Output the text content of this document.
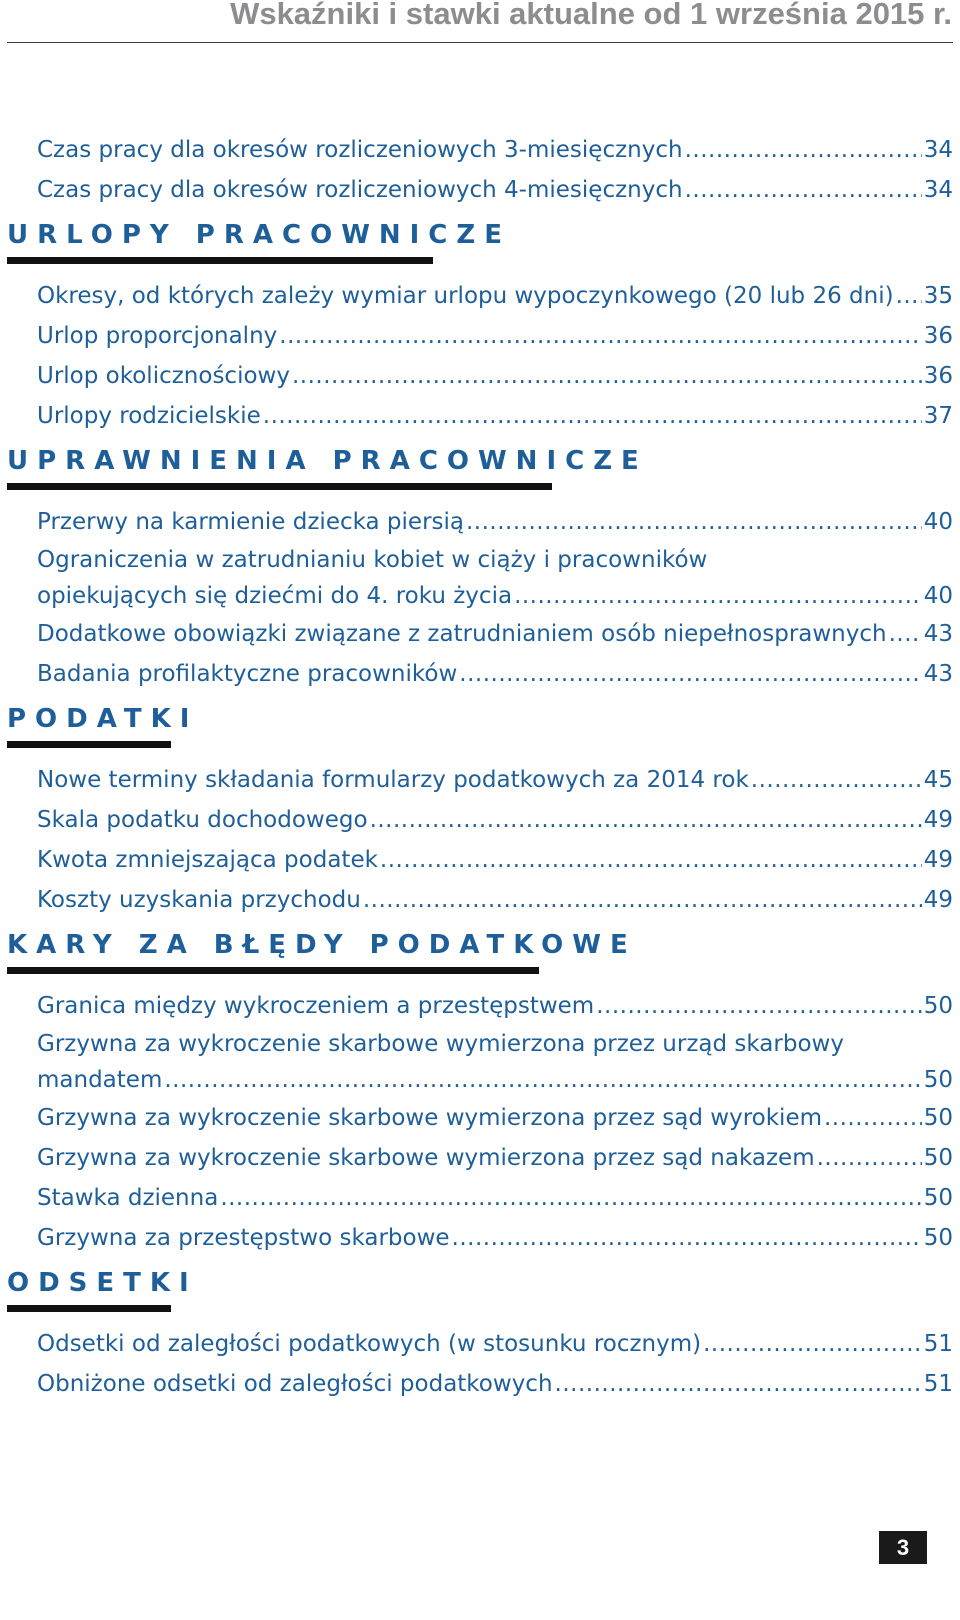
Wskaźniki i stawki aktualne od 1 września 2015 r.
Czas pracy dla okresów rozliczeniowych 3-miesięcznych .....	34
Czas pracy dla okresów rozliczeniowych 4-miesięcznych .....	34
URLOPY PRACOWNICZE
Okresy, od których zależy wymiar urlopu wypoczynkowego (20 lub 26 dni) ..... 35
Urlop proporcjonalny .....	36
Urlop okolicznościowy .....	36
Urlopy rodzicielskie .....	37
UPRAWNIENIA PRACOWNICZE
Przerwy na karmienie dziecka piersią .....	40
Ograniczenia w zatrudnianiu kobiet w ciąży i pracowników
opiekujących się dziećmi do 4. roku życia .....	40
Dodatkowe obowiązki związane z zatrudnianiem osób niepełnosprawnych ..... 43
Badania profilaktyczne pracowników .....	43
PODATKI
Nowe terminy składania formularzy podatkowych za 2014 rok .....	45
Skala podatku dochodowego .....	49
Kwota zmniejszająca podatek .....	49
Koszty uzyskania przychodu .....	49
KARY ZA BŁĘDY PODATKOWE
Granica między wykroczeniem a przestępstwem .....	50
Grzywna za wykroczenie skarbowe wymierzona przez urząd skarbowy
mandatem .....	50
Grzywna za wykroczenie skarbowe wymierzona przez sąd wyrokiem .....	50
Grzywna za wykroczenie skarbowe wymierzona przez sąd nakazem .....	50
Stawka dzienna .....	50
Grzywna za przestępstwo skarbowe .....	50
ODSETKI
Odsetki od zaległości podatkowych (w stosunku rocznym) .....	51
Obniżone odsetki od zaległości podatkowych .....	51
3
